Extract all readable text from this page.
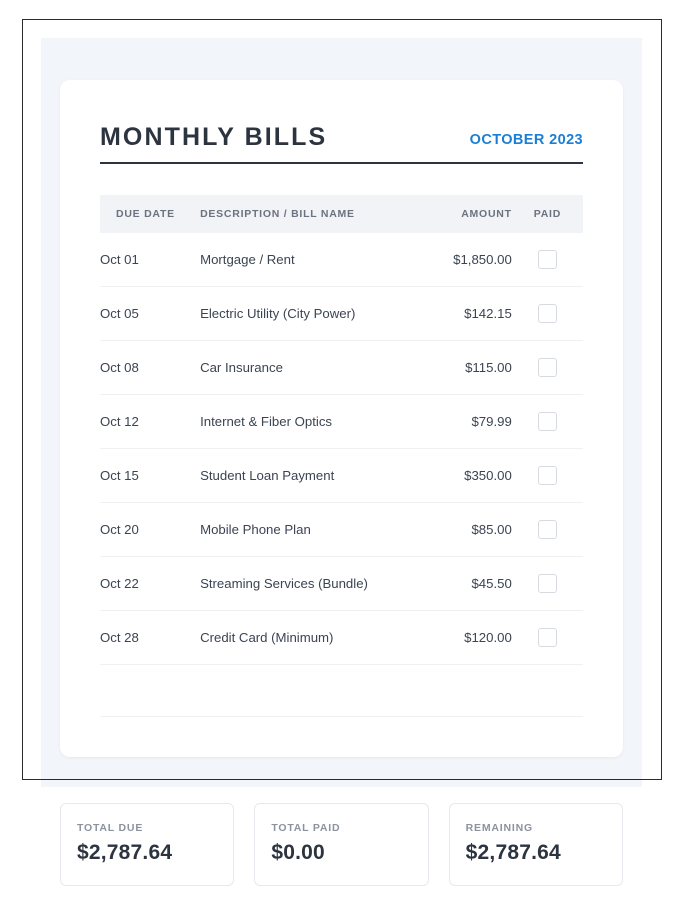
MONTHLY BILLS	OCTOBER 2023
DUE DATE	DESCRIPTION / BILL NAME	AMOUNT	PAID
Oct 01	Mortgage / Rent	$1,850.00	
Oct 05	Electric Utility (City Power)	$142.15	
Oct 08	Car Insurance	$115.00	
Oct 12	Internet & Fiber Optics	$79.99	
Oct 15	Student Loan Payment	$350.00	
Oct 20	Mobile Phone Plan	$85.00	
Oct 22	Streaming Services (Bundle)	$45.50	
Oct 28	Credit Card (Minimum)	$120.00	

TOTAL DUE
$2,787.64
TOTAL PAID
$0.00
REMAINING
$2,787.64
